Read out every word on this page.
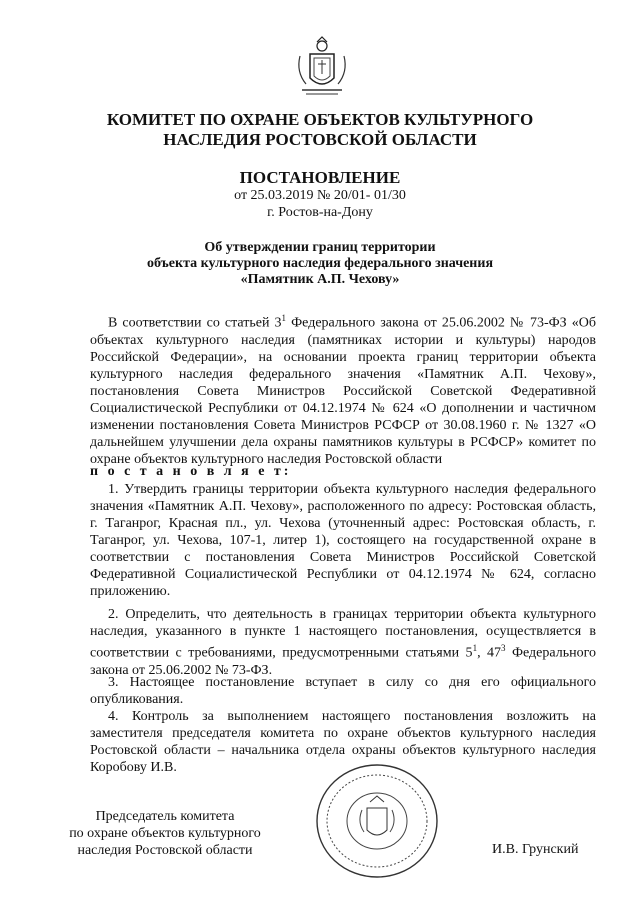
КОМИТЕТ ПО ОХРАНЕ ОБЪЕКТОВ КУЛЬТУРНОГО
НАСЛЕДИЯ РОСТОВСКОЙ ОБЛАСТИ
ПОСТАНОВЛЕНИЕ
от 25.03.2019 № 20/01- 01/30
г. Ростов-на-Дону
Об утверждении границ территории
объекта культурного наследия федерального значения
«Памятник А.П. Чехову»
В соответствии со статьей $3^1$ Федерального закона от 25.06.2002 № 73-ФЗ «Об объектах культурного наследия (памятниках истории и культуры) народов Российской Федерации», на основании проекта границ территории объекта культурного наследия федерального значения «Памятник А.П. Чехову», постановления Совета Министров Российской Советской Федеративной Социалистической Республики от 04.12.1974 № 624 «О дополнении и частичном изменении постановления Совета Министров РСФСР от 30.08.1960 г. № 1327 «О дальнейшем улучшении дела охраны памятников культуры в РСФСР» комитет по охране объектов культурного наследия Ростовской области
п о с т а н о в л я е т:
1. Утвердить границы территории объекта культурного наследия федерального значения «Памятник А.П. Чехову», расположенного по адресу: Ростовская область, г. Таганрог, Красная пл., ул. Чехова (уточненный адрес: Ростовская область, г. Таганрог, ул. Чехова, 107-1, литер 1), состоящего на государственной охране в соответствии с постановления Совета Министров Российской Советской Федеративной Социалистической Республики от 04.12.1974 № 624, согласно приложению.
2. Определить, что деятельность в границах территории объекта культурного наследия, указанного в пункте 1 настоящего постановления, осуществляется в соответствии с требованиями, предусмотренными статьями $5^1$, $47^3$ Федерального закона от 25.06.2002 № 73-ФЗ.
3. Настоящее постановление вступает в силу со дня его официального опубликования.
4. Контроль за выполнением настоящего постановления возложить на заместителя председателя комитета по охране объектов культурного наследия Ростовской области – начальника отдела охраны объектов культурного наследия Коробову И.В.
Председатель комитета
по охране объектов культурного
наследия Ростовской области	И.В. Грунский
